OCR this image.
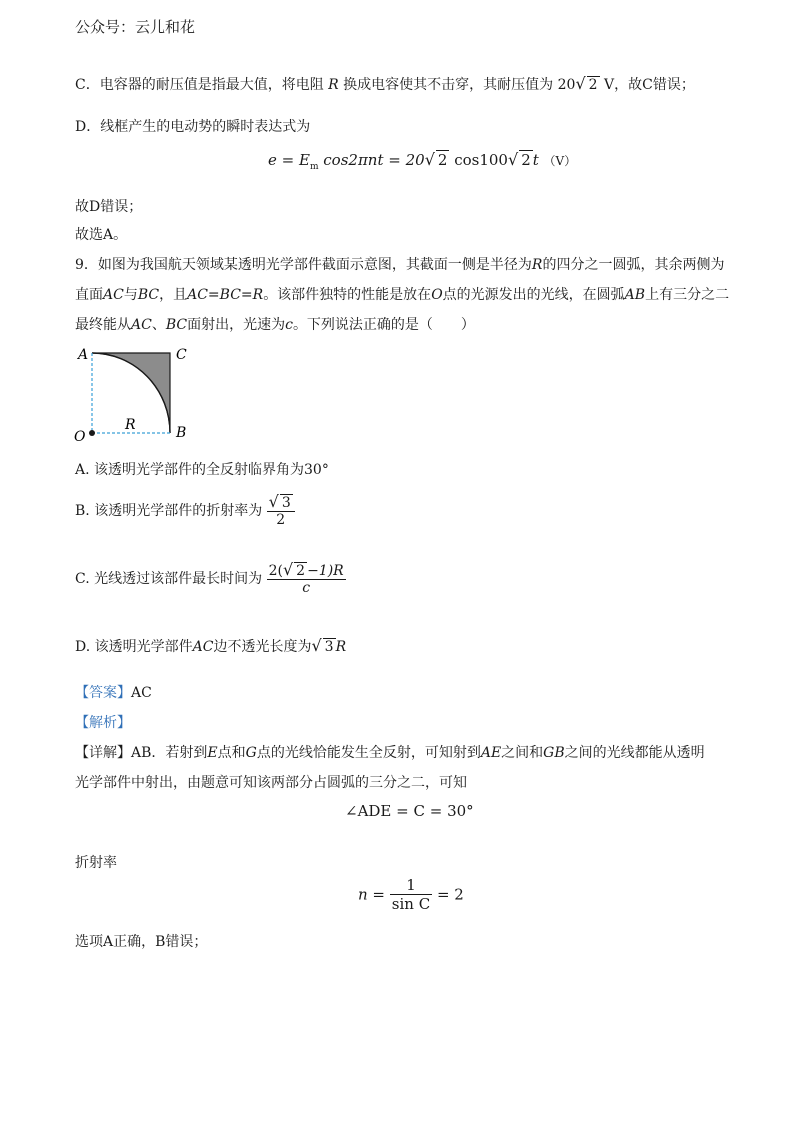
公众号：云儿和花
C．电容器的耐压值是指最大值，将电阻 R 换成电容使其不击穿，其耐压值为 20√ 2 V，故C错误；
D．线框产生的电动势的瞬时表达式为
$e = E_m$ cos2πnt = 20√ 2 cos100√ 2 t （V）
故D错误；
故选A。
9．如图为我国航天领域某透明光学部件截面示意图，其截面一侧是半径为R的四分之一圆弧，其余两侧为
直面AC与BC，且AC=BC=R。该部件独特的性能是放在O点的光源发出的光线，在圆弧AB上有三分之二
最终能从AC、BC面射出，光速为c。下列说法正确的是（　　）
A	C
O	B
R
A. 该透明光学部件的全反射临界角为30°
B. 该透明光学部件的折射率为 $\frac{√ 3}{2}$
C. 光线透过该部件最长时间为 $\frac{2(√ 2 -1)R}{c}$
D. 该透明光学部件AC边不透光长度为√ 3 R
【答案】AC
【解析】
【详解】AB．若射到E点和G点的光线恰能发生全反射，可知射到AE之间和GB之间的光线都能从透明
光学部件中射出，由题意可知该两部分占圆弧的三分之二，可知
∠ADE = C = 30°
折射率
$n = \frac{1}{\text{sin C}} = 2$
选项A正确，B错误；
